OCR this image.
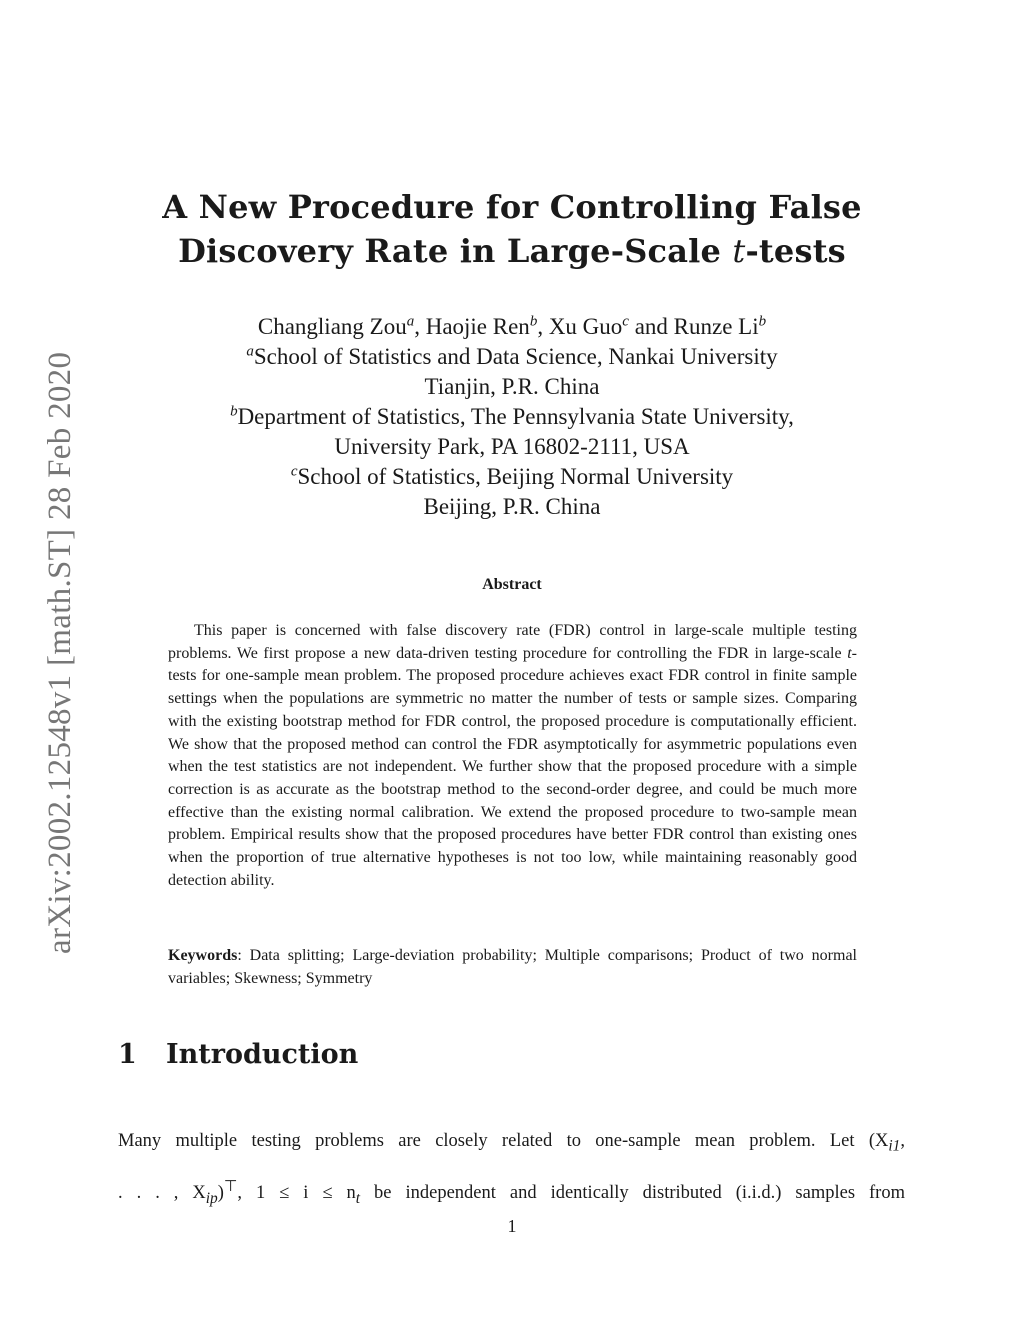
arXiv:2002.12548v1 [math.ST] 28 Feb 2020
A New Procedure for Controlling False
Discovery Rate in Large-Scale t-tests
Changliang Zou$^a$, Haojie Ren$^b$, Xu Guo$^c$ and Runze Li$^b$
$^a$School of Statistics and Data Science, Nankai University
Tianjin, P.R. China
$^b$Department of Statistics, The Pennsylvania State University,
University Park, PA 16802-2111, USA
$^c$School of Statistics, Beijing Normal University
Beijing, P.R. China
Abstract

This paper is concerned with false discovery rate (FDR) control in large-scale multiple testing problems. We first propose a new data-driven testing procedure for controlling the FDR in large-scale t-tests for one-sample mean problem. The proposed procedure achieves exact FDR control in finite sample settings when the populations are symmetric no matter the number of tests or sample sizes. Comparing with the existing bootstrap method for FDR control, the proposed procedure is computationally efficient. We show that the proposed method can control the FDR asymptotically for asymmetric populations even when the test statistics are not independent. We further show that the proposed procedure with a simple correction is as accurate as the bootstrap method to the second-order degree, and could be much more effective than the existing normal calibration. We extend the proposed procedure to two-sample mean problem. Empirical results show that the proposed procedures have better FDR control than existing ones when the proportion of true alternative hypotheses is not too low, while maintaining reasonably good detection ability.

Keywords: Data splitting; Large-deviation probability; Multiple comparisons; Product of two normal variables; Skewness; Symmetry

1 Introduction
Many multiple testing problems are closely related to one-sample mean problem. Let ($X_{i1}$,
. . . , $X_{ip})^⊤$, $1 \le i \le n_t$ be independent and identically distributed (i.i.d.) samples from
1
